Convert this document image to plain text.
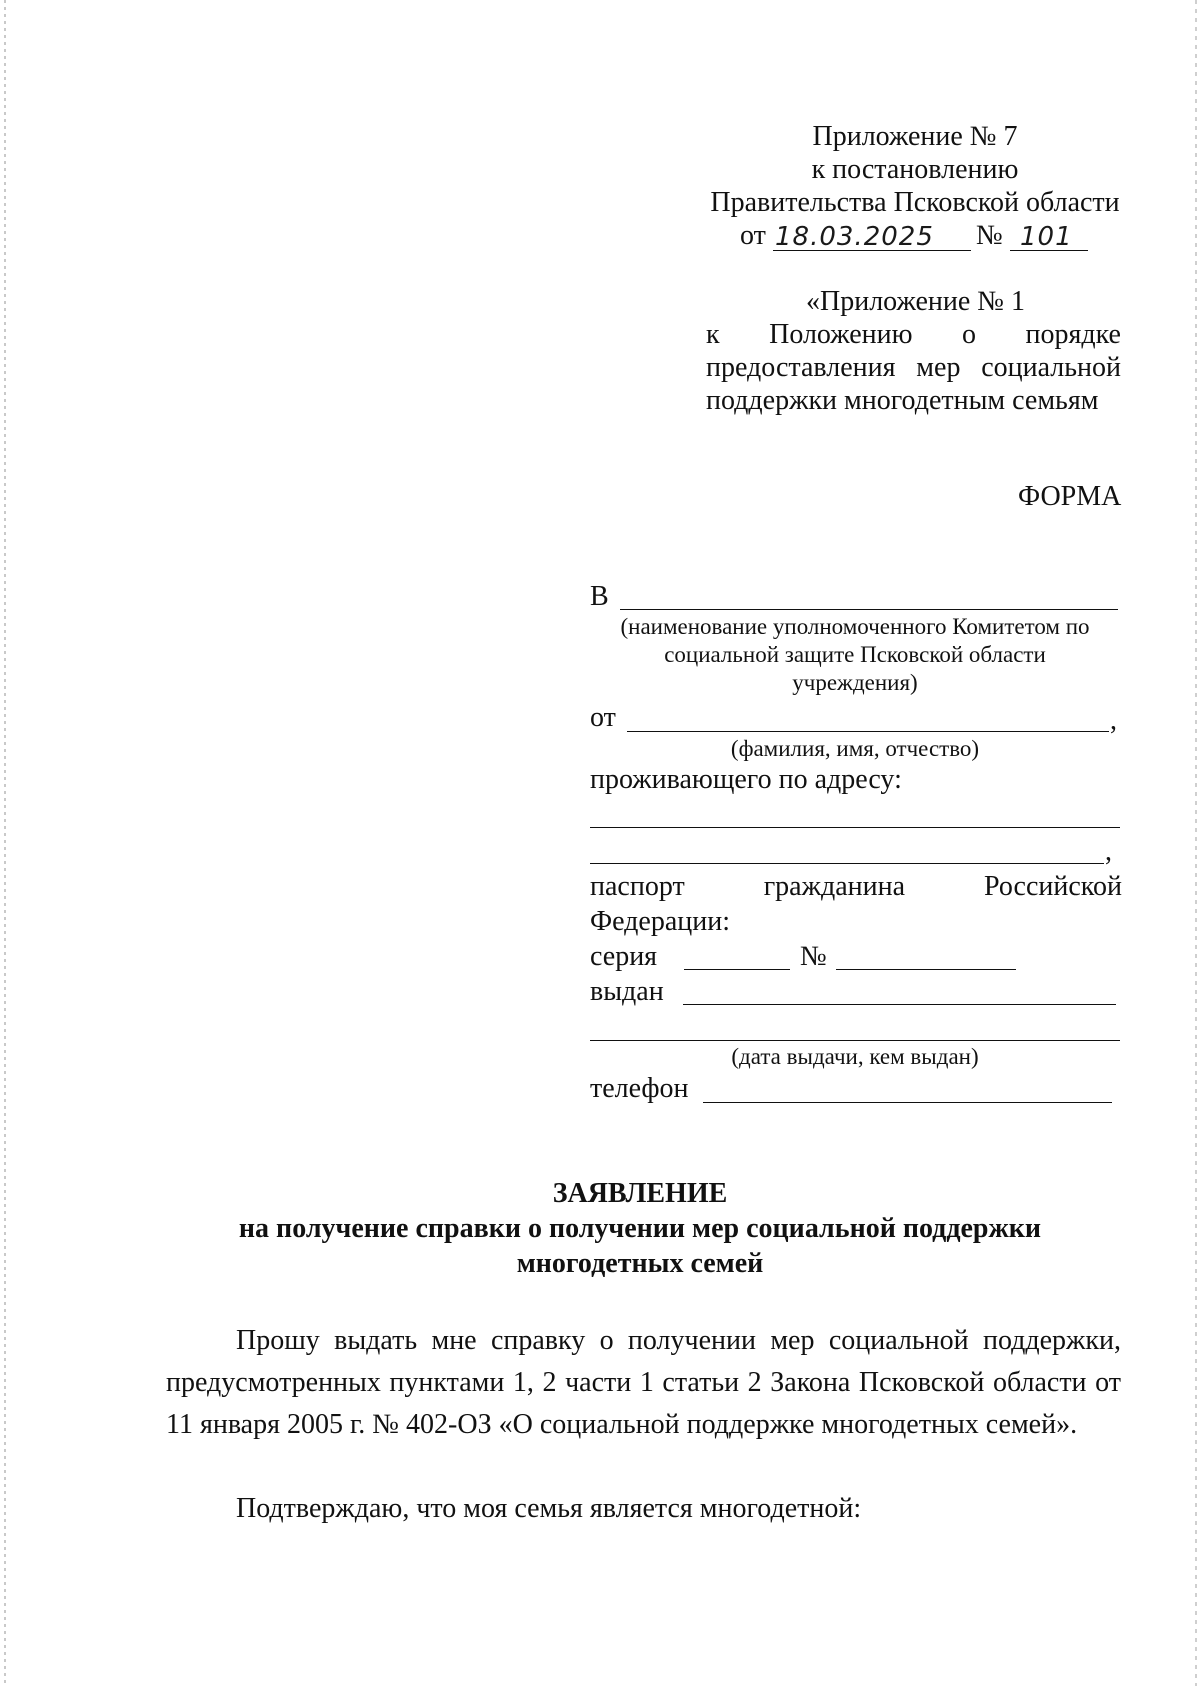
Приложение № 7
к постановлению
Правительства Псковской области
от 18.03.2025 № 101
«Приложение № 1
к Положению о порядке
предоставления мер социальной
поддержки многодетным семьям
ФОРМА
В
(наименование уполномоченного Комитетом по
социальной защите Псковской области
учреждения)
от	,
(фамилия, имя, отчество)
проживающего по адресу:
,
паспорт	гражданина	Российской
Федерации:
серия	№
выдан
(дата выдачи, кем выдан)
телефон
ЗАЯВЛЕНИЕ
на получение справки о получении мер социальной поддержки
многодетных семей
Прошу выдать мне справку о получении мер социальной поддержки, предусмотренных пунктами 1, 2 части 1 статьи 2 Закона Псковской области от 11 января 2005 г. № 402-ОЗ «О социальной поддержке многодетных семей».
Подтверждаю, что моя семья является многодетной:
